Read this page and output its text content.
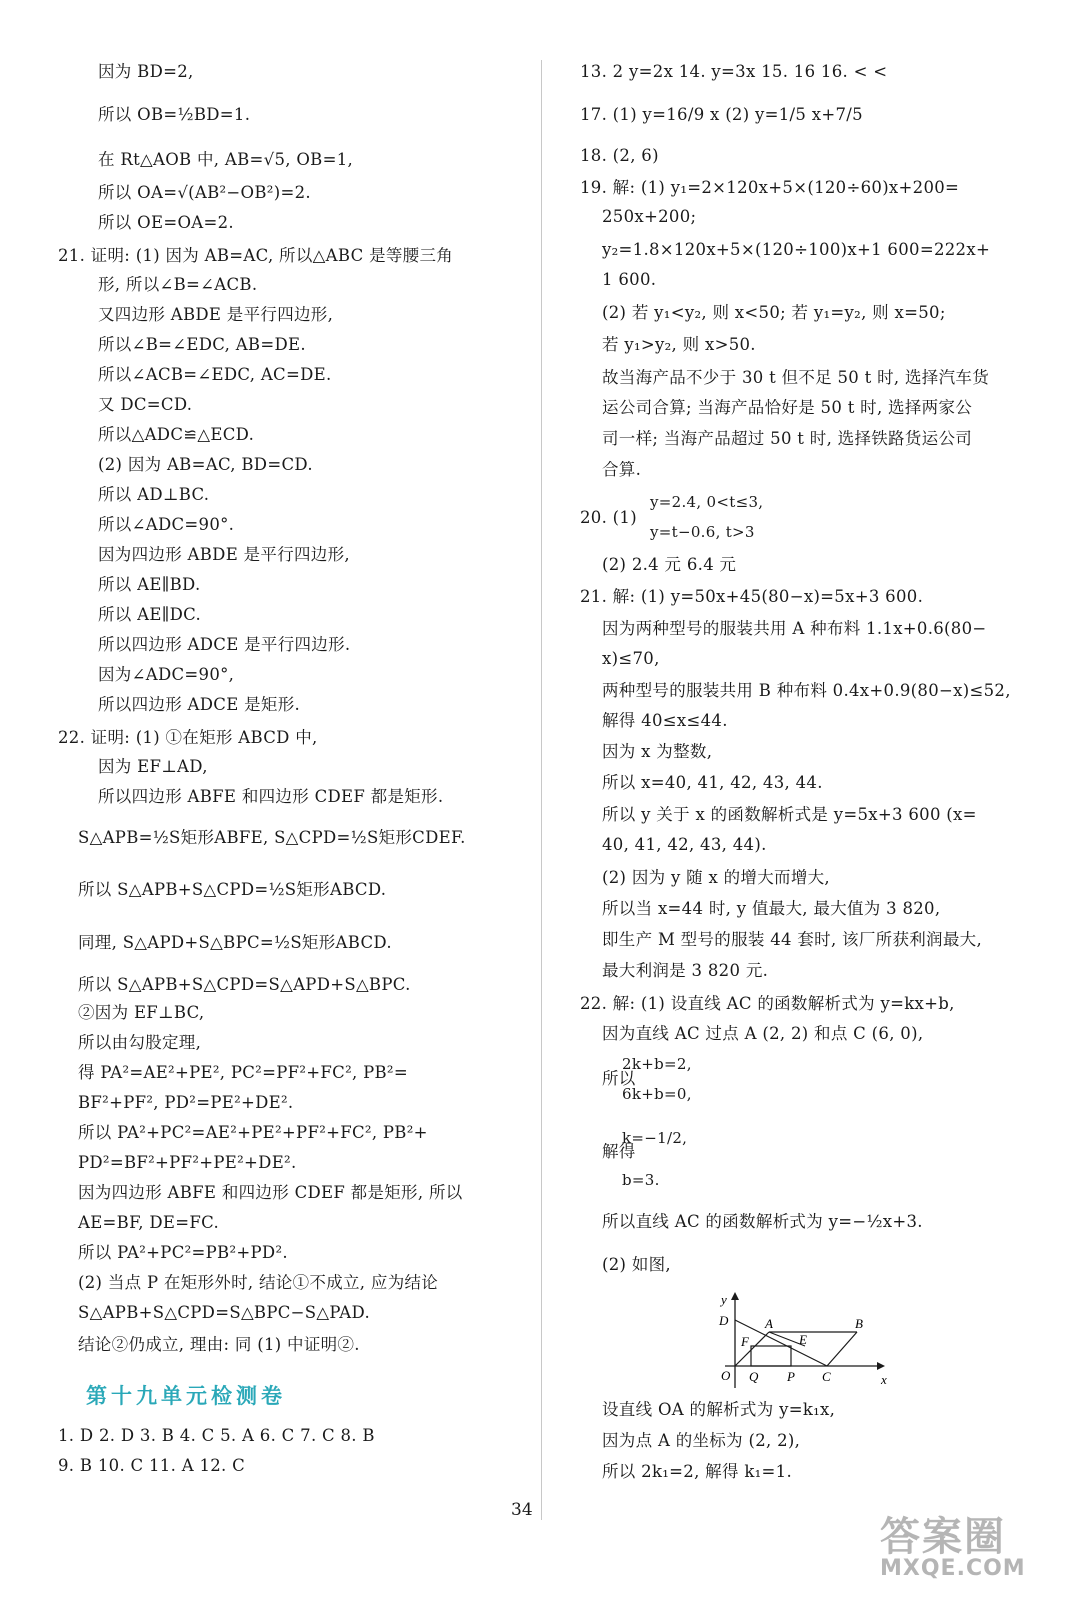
因为 BD=2,
所以 OB=½BD=1.
在 Rt△AOB 中, AB=√5, OB=1,
所以 OA=√(AB²−OB²)=2.
所以 OE=OA=2.
21. 证明: (1) 因为 AB=AC, 所以△ABC 是等腰三角
形, 所以∠B=∠ACB.
又四边形 ABDE 是平行四边形,
所以∠B=∠EDC, AB=DE.
所以∠ACB=∠EDC, AC=DE.
又 DC=CD.
所以△ADC≌△ECD.
(2) 因为 AB=AC, BD=CD.
所以 AD⊥BC.
所以∠ADC=90°.
因为四边形 ABDE 是平行四边形,
所以 AE∥BD.
所以 AE∥DC.
所以四边形 ADCE 是平行四边形.
因为∠ADC=90°,
所以四边形 ADCE 是矩形.
22. 证明: (1) ①在矩形 ABCD 中,
因为 EF⊥AD,
所以四边形 ABFE 和四边形 CDEF 都是矩形.
S△APB=½S矩形ABFE, S△CPD=½S矩形CDEF.
所以 S△APB+S△CPD=½S矩形ABCD.
同理, S△APD+S△BPC=½S矩形ABCD.
所以 S△APB+S△CPD=S△APD+S△BPC.
②因为 EF⊥BC,
所以由勾股定理,
得 PA²=AE²+PE², PC²=PF²+FC², PB²=
BF²+PF², PD²=PE²+DE².
所以 PA²+PC²=AE²+PE²+PF²+FC², PB²+
PD²=BF²+PF²+PE²+DE².
因为四边形 ABFE 和四边形 CDEF 都是矩形, 所以
AE=BF, DE=FC.
所以 PA²+PC²=PB²+PD².
(2) 当点 P 在矩形外时, 结论①不成立, 应为结论
S△APB+S△CPD=S△BPC−S△PAD.
结论②仍成立, 理由: 同 (1) 中证明②.
1. D 2. D 3. B 4. C 5. A 6. C 7. C 8. B
9. B 10. C 11. A 12. C
第十九单元检测卷
13. 2 y=2x 14. y=3x 15. 16 16. < <
17. (1) y=16/9 x (2) y=1/5 x+7/5
18. (2, 6)
19. 解: (1) y₁=2×120x+5×(120÷60)x+200=
250x+200;
y₂=1.8×120x+5×(120÷100)x+1 600=222x+
1 600.
(2) 若 y₁<y₂, 则 x<50; 若 y₁=y₂, 则 x=50;
若 y₁>y₂, 则 x>50.
故当海产品不少于 30 t 但不足 50 t 时, 选择汽车货
运公司合算; 当海产品恰好是 50 t 时, 选择两家公
司一样; 当海产品超过 50 t 时, 选择铁路货运公司
合算.
y=2.4, 0<t≤3,
20. (1)
y=t−0.6, t>3
(2) 2.4 元 6.4 元
21. 解: (1) y=50x+45(80−x)=5x+3 600.
因为两种型号的服装共用 A 种布料 1.1x+0.6(80−
x)≤70,
两种型号的服装共用 B 种布料 0.4x+0.9(80−x)≤52,
解得 40≤x≤44.
因为 x 为整数,
所以 x=40, 41, 42, 43, 44.
所以 y 关于 x 的函数解析式是 y=5x+3 600 (x=
40, 41, 42, 43, 44).
(2) 因为 y 随 x 的增大而增大,
所以当 x=44 时, y 值最大, 最大值为 3 820,
即生产 M 型号的服装 44 套时, 该厂所获利润最大,
最大利润是 3 820 元.
22. 解: (1) 设直线 AC 的函数解析式为 y=kx+b,
因为直线 AC 过点 A (2, 2) 和点 C (6, 0),
2k+b=2,
所以
6k+b=0,
k=−1/2,
解得
b=3.
所以直线 AC 的函数解析式为 y=−½x+3.
(2) 如图,
设直线 OA 的解析式为 y=k₁x,
因为点 A 的坐标为 (2, 2),
所以 2k₁=2, 解得 k₁=1.
y
x
D	A	B
F	E
O Q P C
34
答案圈
MXQE.COM
